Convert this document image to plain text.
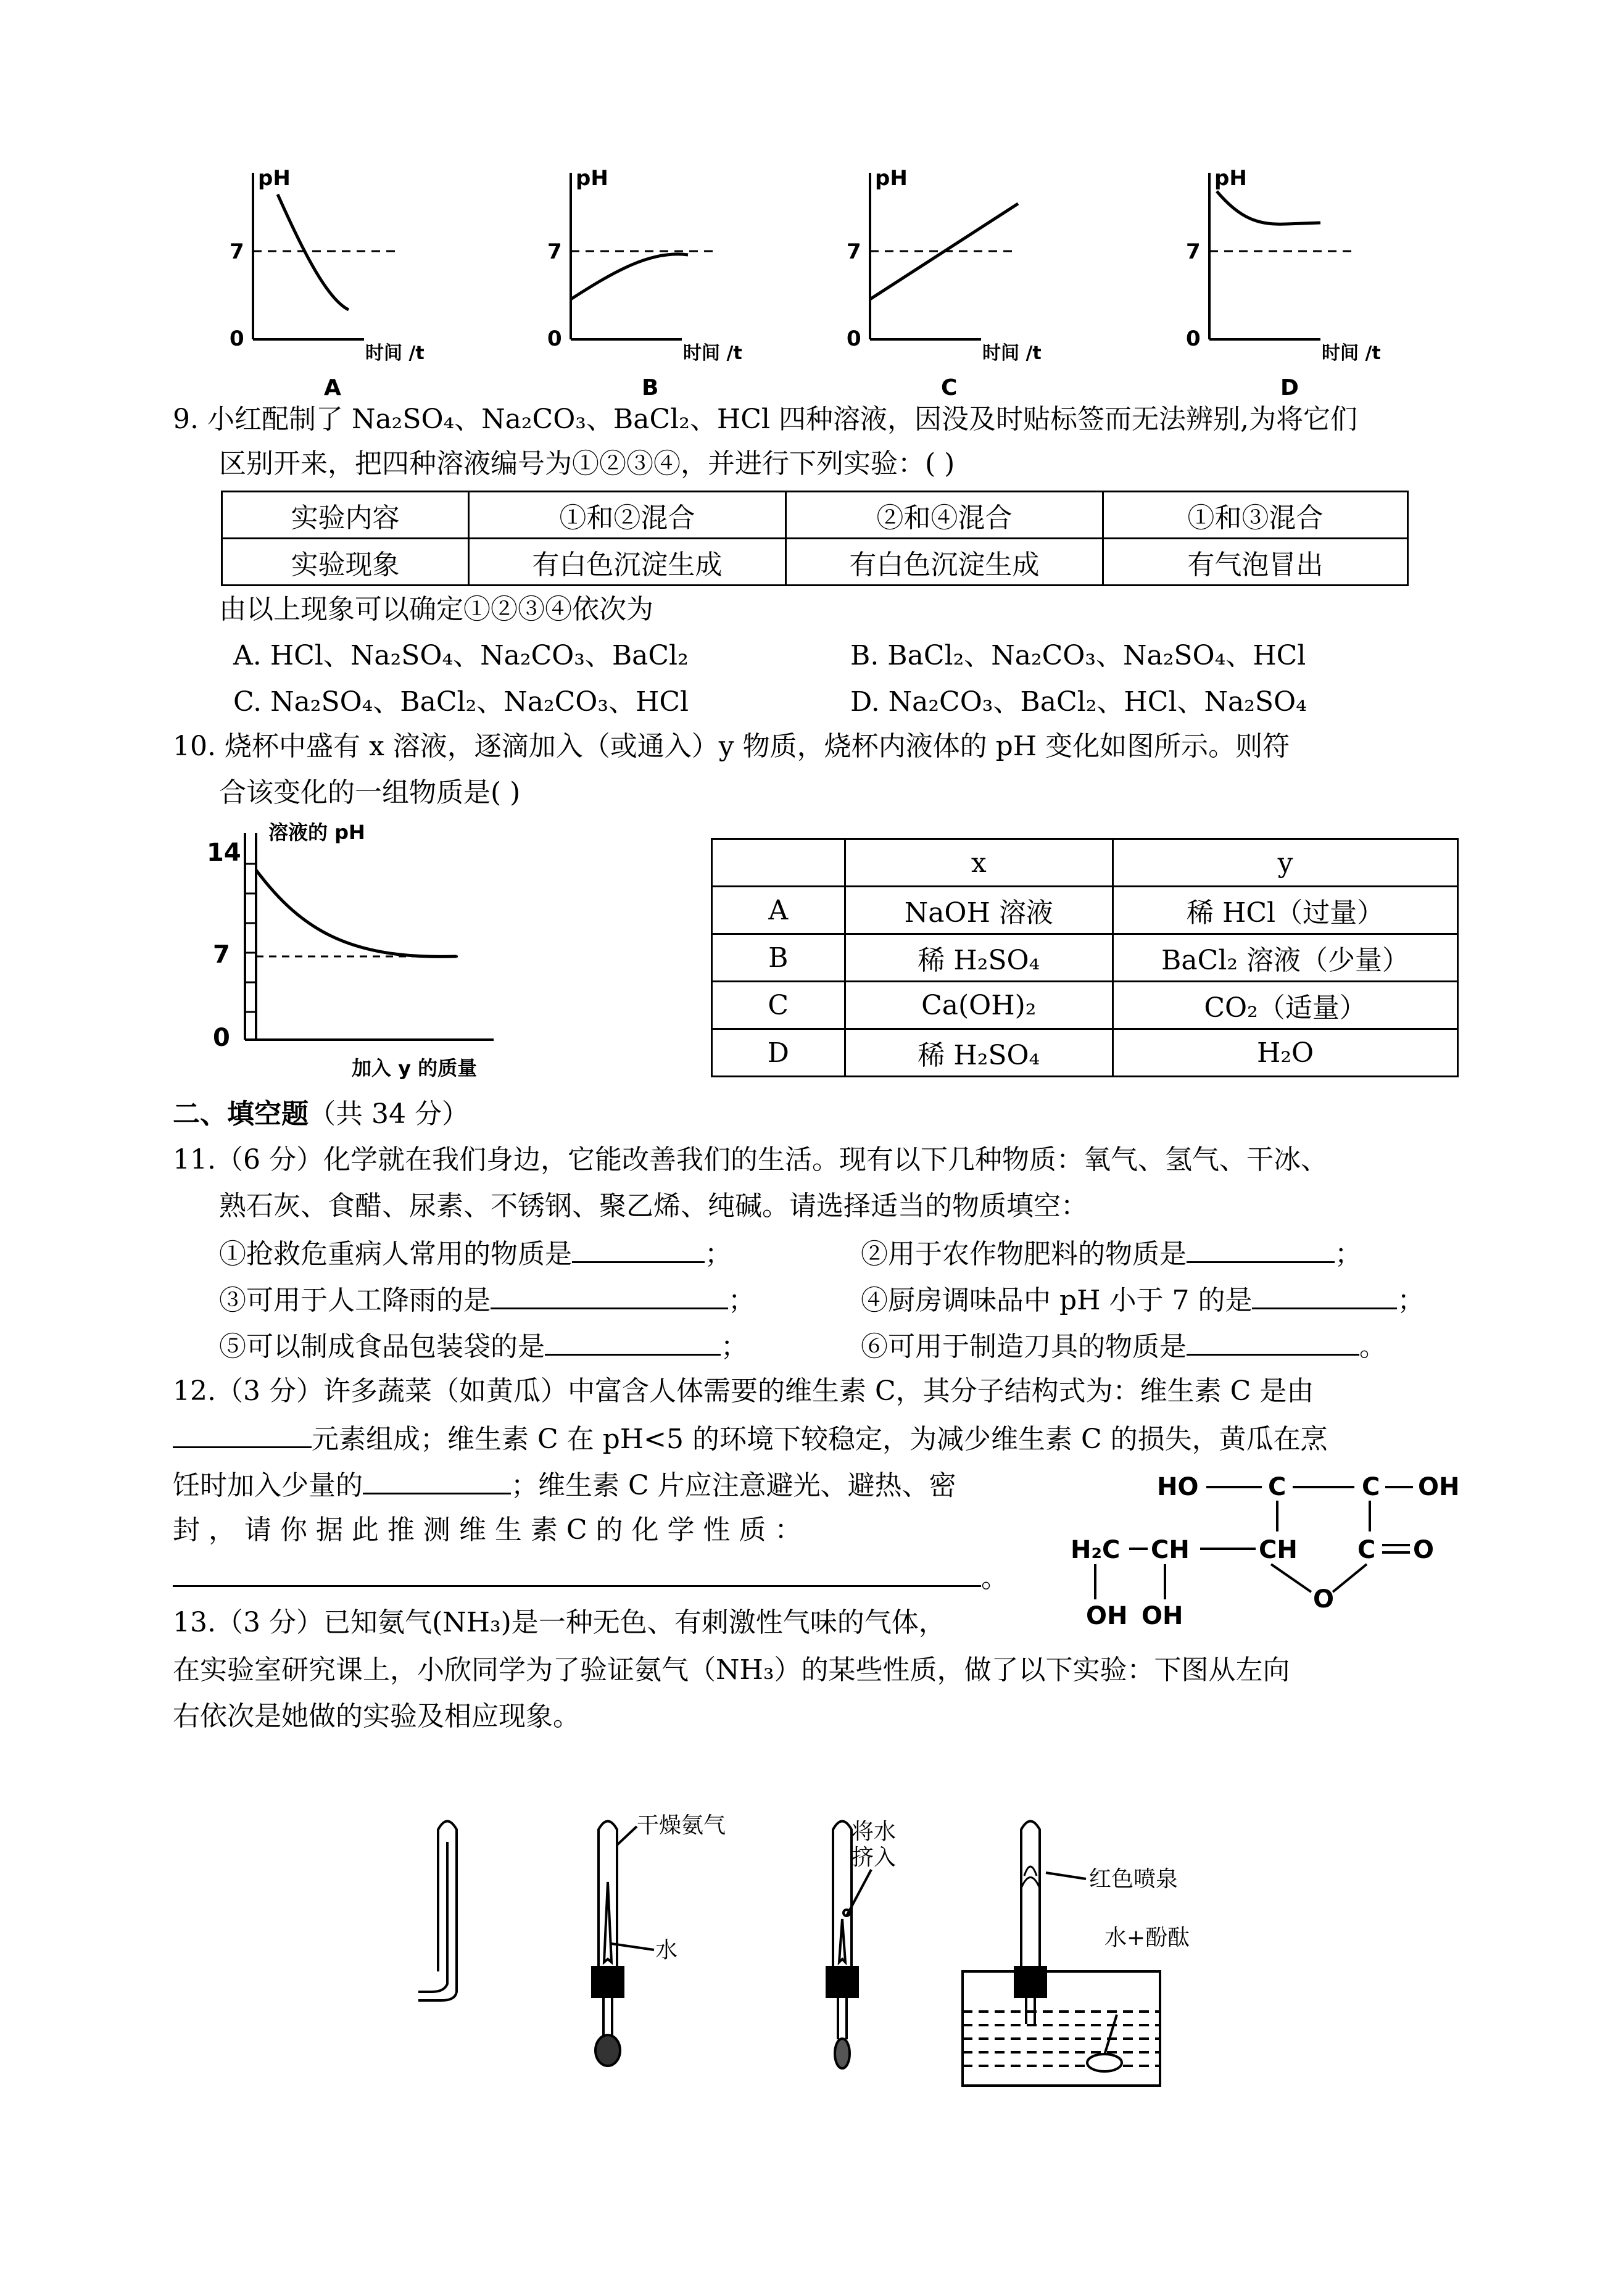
pH
7
0
时间 /t
A
pH
7
0
时间 /t
B
pH
7
0
时间 /t
C
pH
7
0
时间 /t
D
9. 小红配制了 Na₂SO₄、Na₂CO₃、BaCl₂、HCl 四种溶液，因没及时贴标签而无法辨别,为将它们
区别开来，把四种溶液编号为①②③④，并进行下列实验：( )
实验内容	①和②混合	②和④混合	①和③混合
实验现象	有白色沉淀生成	有白色沉淀生成	有气泡冒出
由以上现象可以确定①②③④依次为
A. HCl、Na₂SO₄、Na₂CO₃、BaCl₂	B. BaCl₂、Na₂CO₃、Na₂SO₄、HCl
C. Na₂SO₄、BaCl₂、Na₂CO₃、HCl	D. Na₂CO₃、BaCl₂、HCl、Na₂SO₄
10. 烧杯中盛有 x 溶液，逐滴加入（或通入）y 物质，烧杯内液体的 pH 变化如图所示。则符
合该变化的一组物质是( )
溶液的 pH
14
7
0
加入 y 的质量
	x	y
A	NaOH 溶液	稀 HCl（过量）
B	稀 H₂SO₄	BaCl₂ 溶液（少量）
C	Ca(OH)₂	CO₂（适量）
D	稀 H₂SO₄	H₂O
二、填空题（共 34 分）
11.（6 分）化学就在我们身边，它能改善我们的生活。现有以下几种物质：氧气、氢气、干冰、
熟石灰、食醋、尿素、不锈钢、聚乙烯、纯碱。请选择适当的物质填空：
①抢救危重病人常用的物质是	；	②用于农作物肥料的物质是	；
③可用于人工降雨的是	；	④厨房调味品中 pH 小于 7 的是	；
⑤可以制成食品包装袋的是	；	⑥可用于制造刀具的物质是	。
12.（3 分）许多蔬菜（如黄瓜）中富含人体需要的维生素 C，其分子结构式为：维生素 C 是由
元素组成；维生素 C 在 pH<5 的环境下较稳定，为减少维生素 C 的损失，黄瓜在烹
饪时加入少量的	；维生素 C 片应注意避光、避热、密
封 ， 请 你 据 此 推 测 维 生 素 C 的 化 学 性 质 ：
。
HO	C	C OH
H₂C CH	CH C O
OH OH
O
13.（3 分）已知氨气(NH₃)是一种无色、有刺激性气味的气体，
在实验室研究课上，小欣同学为了验证氨气（NH₃）的某些性质，做了以下实验：下图从左向
右依次是她做的实验及相应现象。
干燥氨气
水
将水
挤入
红色喷泉
水+酚酞
